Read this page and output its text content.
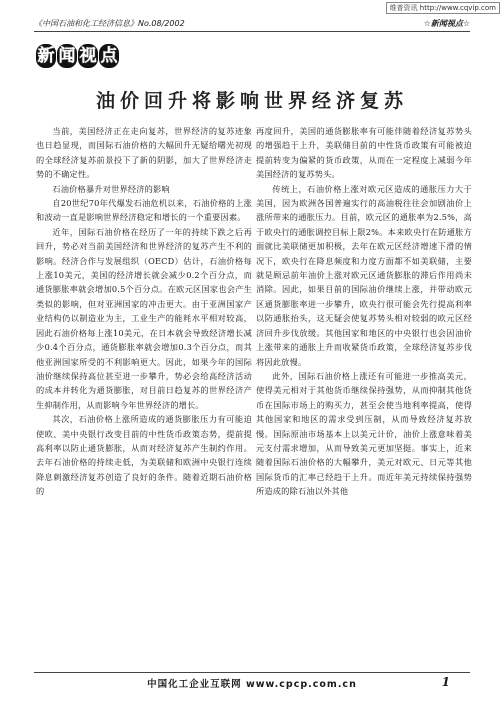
维普资讯 http://www.cqvip.com
《中国石油和化工经济信息》No.08/2002	☆新闻视点☆
新 闻 视 点
油价回升将影响世界经济复苏

当前，美国经济正在走向复苏，世界经济的复苏迹象也日趋显现，而国际石油价格的大幅回升无疑给曙光初现的全球经济复苏前景投下了新的阴影，加大了世界经济走势的不确定性。

石油价格暴升对世界经济的影响

自20世纪70年代爆发石油危机以来，石油价格的上涨和波动一直是影响世界经济稳定和增长的一个重要因素。

近年，国际石油价格在经历了一年的持续下跌之后再回升，势必对当前美国经济和世界经济的复苏产生不利的影响。经济合作与发展组织（OECD）估计，石油价格每上涨10美元，美国的经济增长就会减少0.2个百分点，而通货膨胀率就会增加0.5个百分点。在欧元区国家也会产生类似的影响，但对亚洲国家的冲击更大。由于亚洲国家产业结构仍以制造业为主，工业生产的能耗水平相对较高，因此石油价格每上涨10美元，在日本就会导致经济增长减少0.4个百分点，通货膨胀率就会增加0.3个百分点，而其他亚洲国家所受的不利影响更大。因此，如果今年的国际油价继续保持高位甚至进一步攀升，势必会给高经济活动的成本并转化为通货膨胀，对目前日趋复苏的世界经济产生抑制作用，从而影响今年世界经济的增长。

其次，石油价格上涨所造成的通货膨胀压力有可能迫使欧、美中央银行改变目前的中性货币政策态势，提前提高利率以防止通货膨胀，从而对经济复苏产生制约作用。去年石油价格的持续走低，为美联储和欧洲中央银行连续降息刺激经济复苏创造了良好的条件。随着近期石油价格的

再度回升，美国的通货膨胀率有可能伴随着经济复苏势头的增强趋于上升，美联储目前的中性货币政策有可能被迫提前转变为偏紧的货币政策，从而在一定程度上减弱今年美国经济的复苏势头。

传统上，石油价格上涨对欧元区造成的通胀压力大于美国，因为欧洲各国普遍实行的高油税往往会加剧油价上涨所带来的通胀压力。目前，欧元区的通胀率为2.5%，高于欧央行的通胀调控目标上限2%。本来欧央行在防通胀方面就比美联储更加积极，去年在欧元区经济增速下滑的情况下，欧央行在降息频度和力度方面都不如美联储，主要就是顾忌前年油价上涨对欧元区通货膨胀的滞后作用尚未消除。因此，如果目前的国际油价继续上涨，并带动欧元区通货膨胀率进一步攀升，欧央行很可能会先行提高利率以防通胀抬头，这无疑会使复苏势头相对较弱的欧元区经济回升步伐放缓。其他国家和地区的中央银行也会因油价上涨带来的通胀上升而收紧货币政策，全球经济复苏步伐将因此放慢。

此外，国际石油价格上涨还有可能进一步推高美元，使得美元相对于其他货币继续保持强势，从而抑制其他货币在国际市场上的购买力，甚至会使当地利率提高，使得其他国家和地区的需求受到压制，从而导致经济复苏放慢。国际原油市场基本上以美元计价，油价上涨意味着美元支付需求增加，从而导致美元更加坚挺。事实上，近来随着国际石油价格的大幅攀升，美元对欧元、日元等其他国际货币的汇率已经趋于上升。而近年美元持续保持强势所造成的除石油以外其他

中国化工企业互联网 www.cpcp.com.cn	1
